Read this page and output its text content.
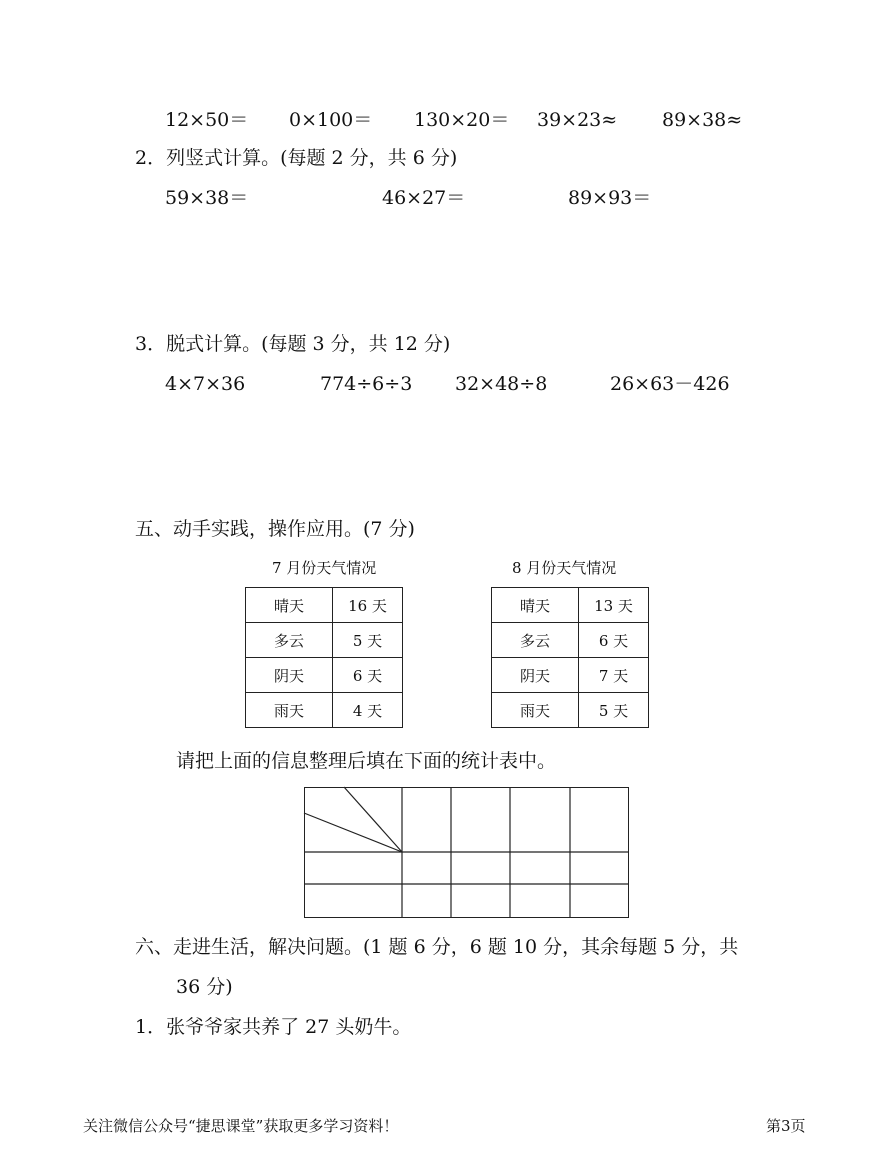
12×50＝ 0×100＝ 130×20＝ 39×23≈ 89×38≈
2．列竖式计算。(每题 2 分，共 6 分)
59×38＝	46×27＝	89×93＝
3．脱式计算。(每题 3 分，共 12 分)
4×7×36	774÷6÷3 32×48÷8	26×63－426
五、动手实践，操作应用。(7 分)
7 月份天气情况
晴天	16 天
多云	5 天
阴天	6 天
雨天	4 天
8 月份天气情况
晴天	13 天
多云	6 天
阴天	7 天
雨天	5 天
请把上面的信息整理后填在下面的统计表中。
六、走进生活，解决问题。(1 题 6 分，6 题 10 分，其余每题 5 分，共
36 分)
1．张爷爷家共养了 27 头奶牛。
关注微信公众号“捷思课堂”获取更多学习资料！	第3页
